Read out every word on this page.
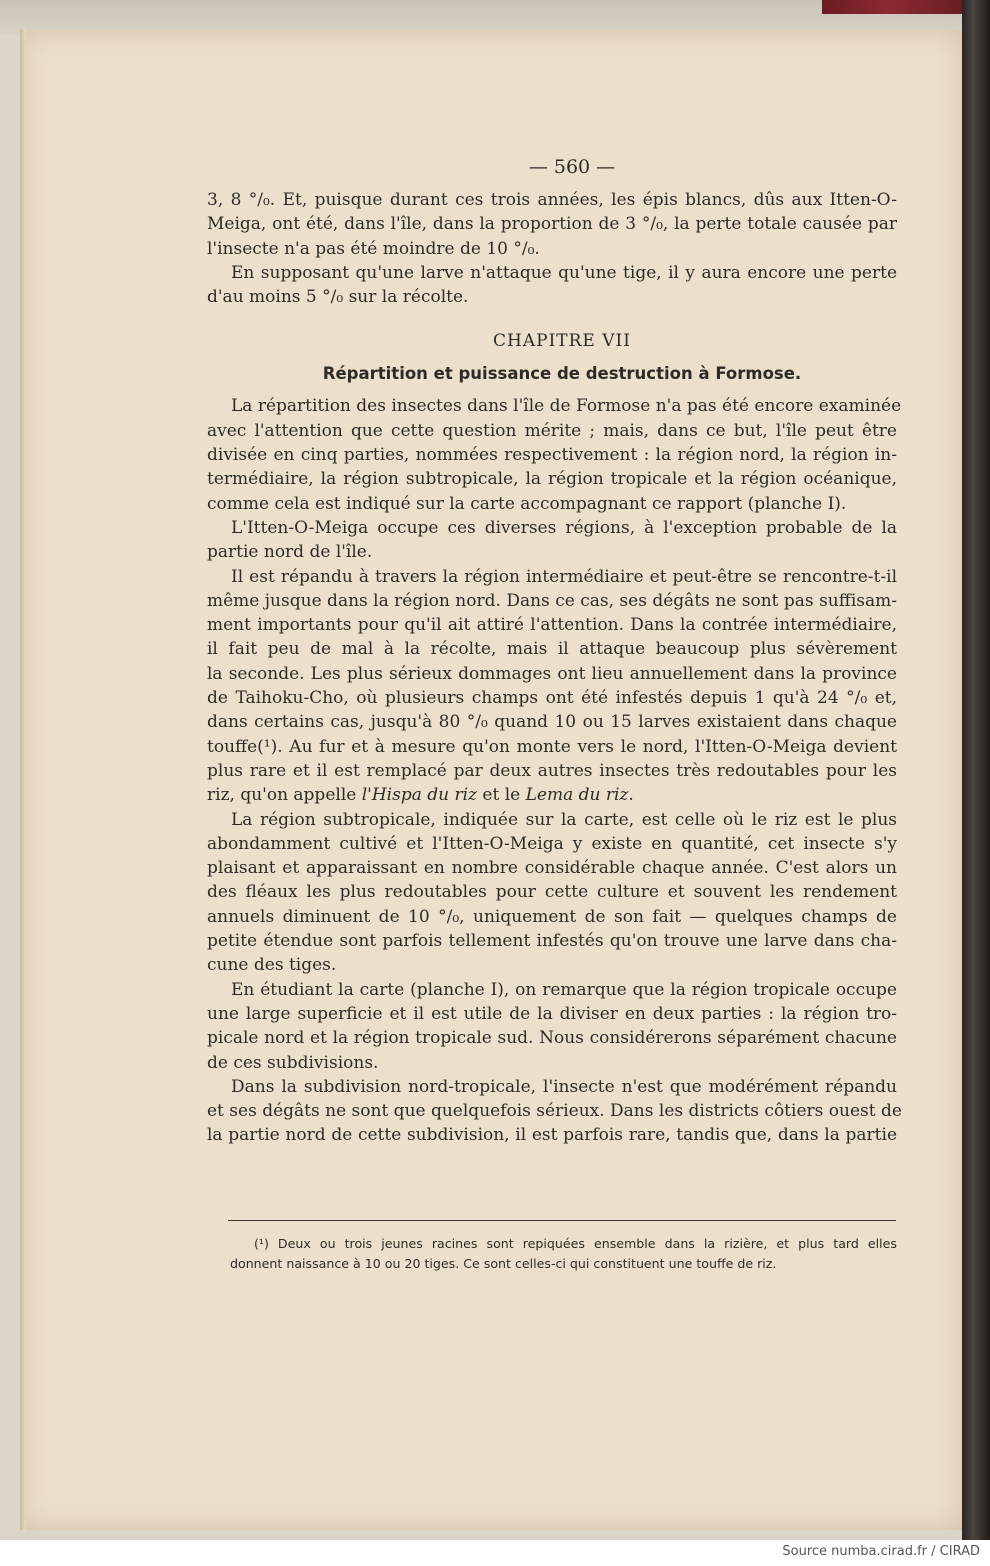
— 560 —
3, 8 °/₀. Et, puisque durant ces trois années, les épis blancs, dûs aux Itten-O-
Meiga, ont été, dans l'île, dans la proportion de 3 °/₀, la perte totale causée par
l'insecte n'a pas été moindre de 10 °/₀.
En supposant qu'une larve n'attaque qu'une tige, il y aura encore une perte
d'au moins 5 °/₀ sur la récolte.
CHAPITRE VII
Répartition et puissance de destruction à Formose.
La répartition des insectes dans l'île de Formose n'a pas été encore examinée
avec l'attention que cette question mérite ; mais, dans ce but, l'île peut être
divisée en cinq parties, nommées respectivement : la région nord, la région in-
termédiaire, la région subtropicale, la région tropicale et la région océanique,
comme cela est indiqué sur la carte accompagnant ce rapport (planche I).
L'Itten-O-Meiga occupe ces diverses régions, à l'exception probable de la
partie nord de l'île.
Il est répandu à travers la région intermédiaire et peut-être se rencontre-t-il
même jusque dans la région nord. Dans ce cas, ses dégâts ne sont pas suffisam-
ment importants pour qu'il ait attiré l'attention. Dans la contrée intermédiaire,
il fait peu de mal à la récolte, mais il attaque beaucoup plus sévèrement
la seconde. Les plus sérieux dommages ont lieu annuellement dans la province
de Taihoku-Cho, où plusieurs champs ont été infestés depuis 1 qu'à 24 °/₀ et,
dans certains cas, jusqu'à 80 °/₀ quand 10 ou 15 larves existaient dans chaque
touffe(¹). Au fur et à mesure qu'on monte vers le nord, l'Itten-O-Meiga devient
plus rare et il est remplacé par deux autres insectes très redoutables pour les
riz, qu'on appelle l'Hispa du riz et le Lema du riz.
La région subtropicale, indiquée sur la carte, est celle où le riz est le plus
abondamment cultivé et l'Itten-O-Meiga y existe en quantité, cet insecte s'y
plaisant et apparaissant en nombre considérable chaque année. C'est alors un
des fléaux les plus redoutables pour cette culture et souvent les rendement
annuels diminuent de 10 °/₀, uniquement de son fait — quelques champs de
petite étendue sont parfois tellement infestés qu'on trouve une larve dans cha-
cune des tiges.
En étudiant la carte (planche I), on remarque que la région tropicale occupe
une large superficie et il est utile de la diviser en deux parties : la région tro-
picale nord et la région tropicale sud. Nous considérerons séparément chacune
de ces subdivisions.
Dans la subdivision nord-tropicale, l'insecte n'est que modérément répandu
et ses dégâts ne sont que quelquefois sérieux. Dans les districts côtiers ouest de
la partie nord de cette subdivision, il est parfois rare, tandis que, dans la partie
(¹) Deux ou trois jeunes racines sont repiquées ensemble dans la rizière, et plus tard elles
donnent naissance à 10 ou 20 tiges. Ce sont celles-ci qui constituent une touffe de riz.
Source numba.cirad.fr / CIRAD
